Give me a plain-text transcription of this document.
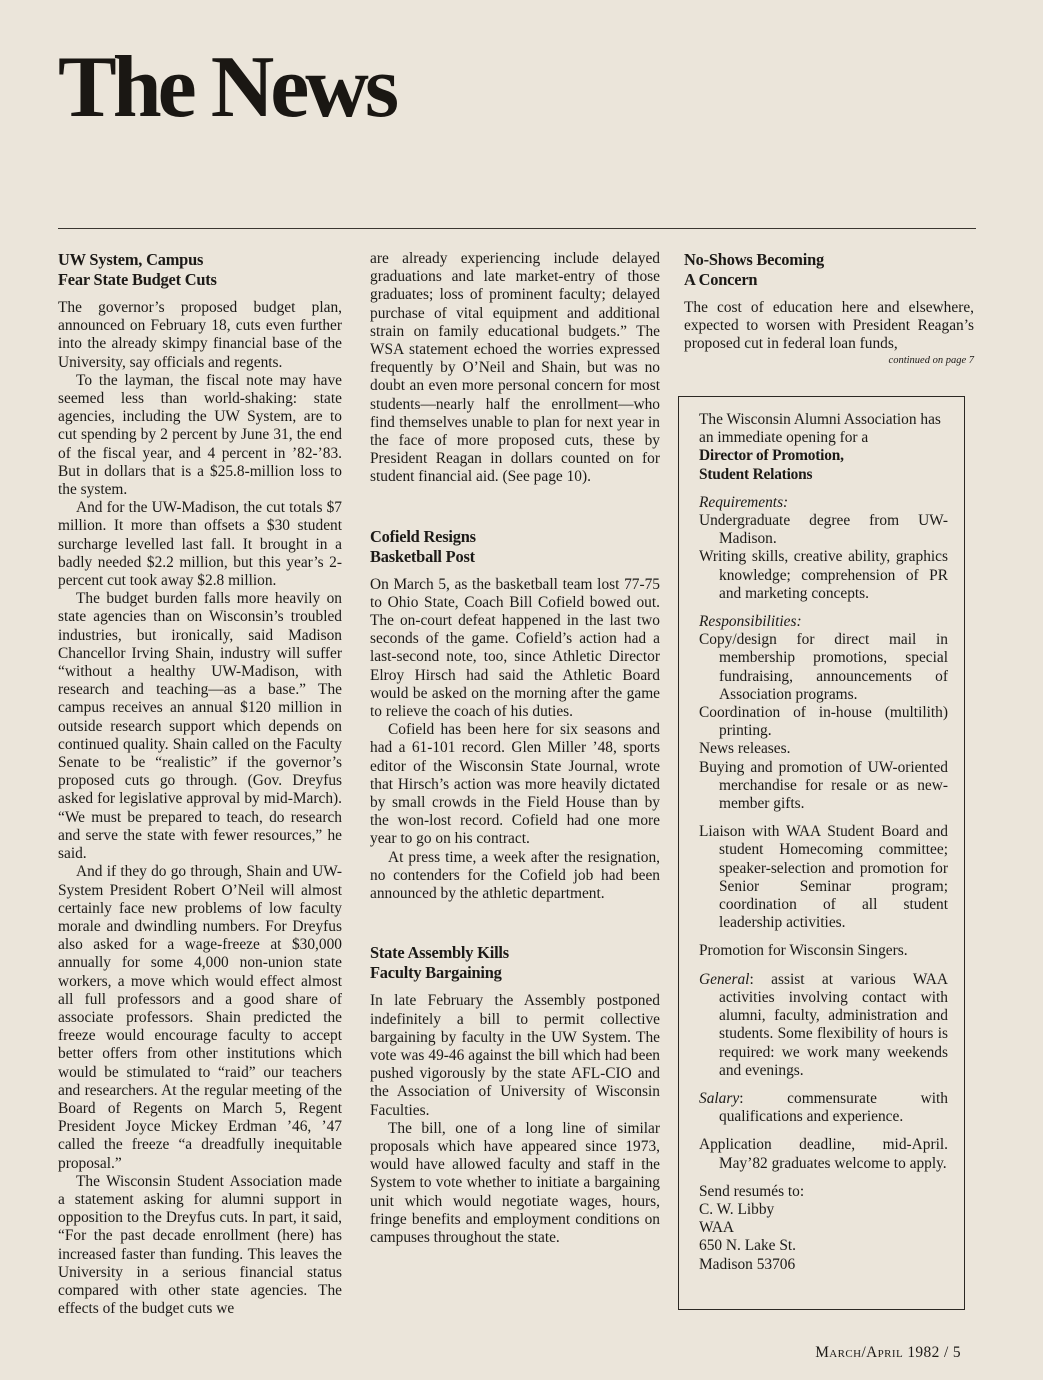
The News
UW System, Campus
Fear State Budget Cuts

The governor’s proposed budget plan, announced on February 18, cuts even further into the already skimpy financial base of the University, say officials and regents.

To the layman, the fiscal note may have seemed less than world-shaking: state agencies, including the UW System, are to cut spending by 2 percent by June 31, the end of the fiscal year, and 4 percent in ’82-’83. But in dollars that is a $25.8-million loss to the system.

And for the UW-Madison, the cut totals $7 million. It more than offsets a $30 student surcharge levelled last fall. It brought in a badly needed $2.2 million, but this year’s 2-percent cut took away $2.8 million.

The budget burden falls more heavily on state agencies than on Wisconsin’s troubled industries, but ironically, said Madison Chancellor Irving Shain, industry will suffer “without a healthy UW-Madison, with research and teaching—as a base.” The campus receives an annual $120 million in outside research support which depends on continued quality. Shain called on the Faculty Senate to be “realistic” if the governor’s proposed cuts go through. (Gov. Dreyfus asked for legislative approval by mid-March). “We must be prepared to teach, do research and serve the state with fewer resources,” he said.

And if they do go through, Shain and UW-System President Robert O’Neil will almost certainly face new problems of low faculty morale and dwindling numbers. For Dreyfus also asked for a wage-freeze at $30,000 annually for some 4,000 non-union state workers, a move which would effect almost all full professors and a good share of associate professors. Shain predicted the freeze would encourage faculty to accept better offers from other institutions which would be stimulated to “raid” our teachers and researchers. At the regular meeting of the Board of Regents on March 5, Regent President Joyce Mickey Erdman ’46, ’47 called the freeze “a dreadfully inequitable proposal.”

The Wisconsin Student Association made a statement asking for alumni support in opposition to the Dreyfus cuts. In part, it said, “For the past decade enrollment (here) has increased faster than funding. This leaves the University in a serious financial status compared with other state agencies. The effects of the budget cuts we

are already experiencing include delayed graduations and late market-entry of those graduates; loss of prominent faculty; delayed purchase of vital equipment and additional strain on family educational budgets.” The WSA statement echoed the worries expressed frequently by O’Neil and Shain, but was no doubt an even more personal concern for most students—nearly half the enrollment—who find themselves unable to plan for next year in the face of more proposed cuts, these by President Reagan in dollars counted on for student financial aid. (See page 10).

Cofield Resigns
Basketball Post

On March 5, as the basketball team lost 77-75 to Ohio State, Coach Bill Cofield bowed out. The on-court defeat happened in the last two seconds of the game. Cofield’s action had a last-second note, too, since Athletic Director Elroy Hirsch had said the Athletic Board would be asked on the morning after the game to relieve the coach of his duties.

Cofield has been here for six seasons and had a 61-101 record. Glen Miller ’48, sports editor of the Wisconsin State Journal, wrote that Hirsch’s action was more heavily dictated by small crowds in the Field House than by the won-lost record. Cofield had one more year to go on his contract.

At press time, a week after the resignation, no contenders for the Cofield job had been announced by the athletic department.

State Assembly Kills
Faculty Bargaining

In late February the Assembly postponed indefinitely a bill to permit collective bargaining by faculty in the UW System. The vote was 49-46 against the bill which had been pushed vigorously by the state AFL-CIO and the Association of University of Wisconsin Faculties.

The bill, one of a long line of similar proposals which have appeared since 1973, would have allowed faculty and staff in the System to vote whether to initiate a bargaining unit which would negotiate wages, hours, fringe benefits and employment conditions on campuses throughout the state.

No-Shows Becoming
A Concern

The cost of education here and elsewhere, expected to worsen with President Reagan’s proposed cut in federal loan funds,

continued on page 7
The Wisconsin Alumni Association has an immediate opening for a
Director of Promotion,
Student Relations
Requirements:
Undergraduate degree from UW-Madison.
Writing skills, creative ability, graphics knowledge; comprehension of PR and marketing concepts.
Responsibilities:
Copy/design for direct mail in membership promotions, special fundraising, announcements of Association programs.
Coordination of in-house (multilith) printing.
News releases.
Buying and promotion of UW-oriented merchandise for resale or as new-member gifts.
Liaison with WAA Student Board and student Homecoming committee; speaker-selection and promotion for Senior Seminar program; coordination of all student leadership activities.
Promotion for Wisconsin Singers.
General: assist at various WAA activities involving contact with alumni, faculty, administration and students. Some flexibility of hours is required: we work many weekends and evenings.
Salary: commensurate with qualifications and experience.
Application deadline, mid-April. May’82 graduates welcome to apply.
Send resumés to:
C. W. Libby
WAA
650 N. Lake St.
Madison 53706
March/April 1982 / 5
